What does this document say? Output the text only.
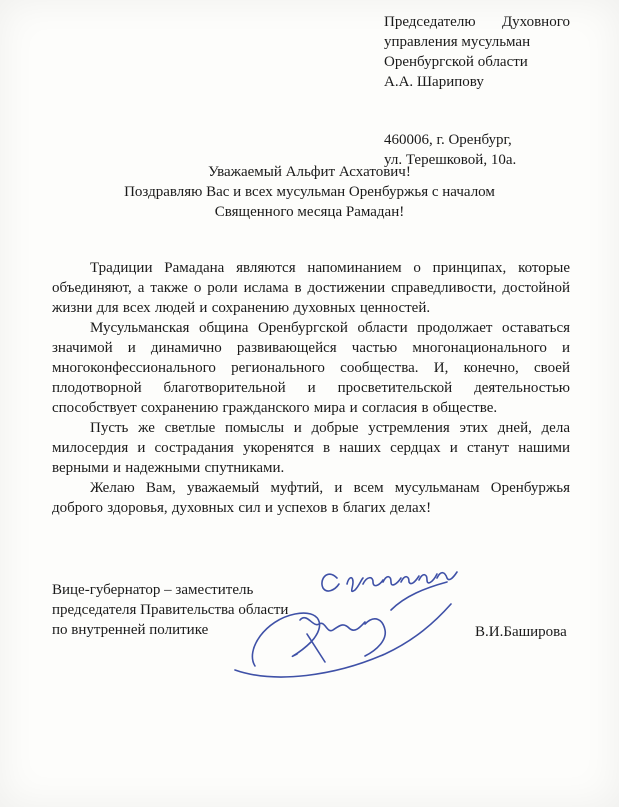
Председателю Духовного
управления мусульман
Оренбургской области
А.А. Шарипову
460006, г. Оренбург,
ул. Терешковой, 10а.
Уважаемый Альфит Асхатович!
Поздравляю Вас и всех мусульман Оренбуржья с началом
Священного месяца Рамадан!

Традиции Рамадана являются напоминанием о принципах, которые объединяют, а также о роли ислама в достижении справедливости, достойной жизни для всех людей и сохранению духовных ценностей.

Мусульманская община Оренбургской области продолжает оставаться значимой и динамично развивающейся частью многонационального и многоконфессионального регионального сообщества. И, конечно, своей плодотворной благотворительной и просветительской деятельностью способствует сохранению гражданского мира и согласия в обществе.

Пусть же светлые помыслы и добрые устремления этих дней, дела милосердия и сострадания укоренятся в наших сердцах и станут нашими верными и надежными спутниками.

Желаю Вам, уважаемый муфтий, и всем мусульманам Оренбуржья доброго здоровья, духовных сил и успехов в благих делах!

Вице-губернатор – заместитель
председателя Правительства области
по внутренней политике	В.И.Баширова
